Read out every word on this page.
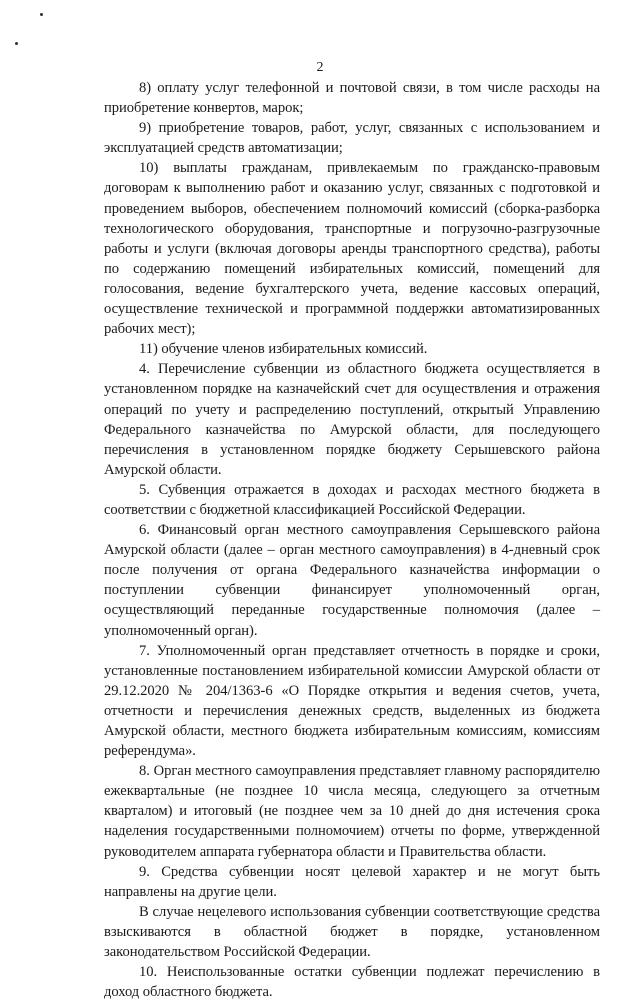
2

8) оплату услуг телефонной и почтовой связи, в том числе расходы на приобретение конвертов, марок;

9) приобретение товаров, работ, услуг, связанных с использованием и эксплуатацией средств автоматизации;

10) выплаты гражданам, привлекаемым по гражданско-правовым договорам к выполнению работ и оказанию услуг, связанных с подготовкой и проведением выборов, обеспечением полномочий комиссий (сборка-разборка технологического оборудования, транспортные и погрузочно-разгрузочные работы и услуги (включая договоры аренды транспортного средства), работы по содержанию помещений избирательных комиссий, помещений для голосования, ведение бухгалтерского учета, ведение кассовых операций, осуществление технической и программной поддержки автоматизированных рабочих мест);

11) обучение членов избирательных комиссий.

4. Перечисление субвенции из областного бюджета осуществляется в установленном порядке на казначейский счет для осуществления и отражения операций по учету и распределению поступлений, открытый Управлению Федерального казначейства по Амурской области, для последующего перечисления в установленном порядке бюджету Серышевского района Амурской области.

5. Субвенция отражается в доходах и расходах местного бюджета в соответствии с бюджетной классификацией Российской Федерации.

6. Финансовый орган местного самоуправления Серышевского района Амурской области (далее – орган местного самоуправления) в 4-дневный срок после получения от органа Федерального казначейства информации о поступлении субвенции финансирует уполномоченный орган, осуществляющий переданные государственные полномочия (далее – уполномоченный орган).

7. Уполномоченный орган представляет отчетность в порядке и сроки, установленные постановлением избирательной комиссии Амурской области от 29.12.2020 № 204/1363-6 «О Порядке открытия и ведения счетов, учета, отчетности и перечисления денежных средств, выделенных из бюджета Амурской области, местного бюджета избирательным комиссиям, комиссиям референдума».

8. Орган местного самоуправления представляет главному распорядителю ежеквартальные (не позднее 10 числа месяца, следующего за отчетным кварталом) и итоговый (не позднее чем за 10 дней до дня истечения срока наделения государственными полномочием) отчеты по форме, утвержденной руководителем аппарата губернатора области и Правительства области.

9. Средства субвенции носят целевой характер и не могут быть направлены на другие цели.

В случае нецелевого использования субвенции соответствующие средства взыскиваются в областной бюджет в порядке, установленном законодательством Российской Федерации.

10. Неиспользованные остатки субвенции подлежат перечислению в доход областного бюджета.
